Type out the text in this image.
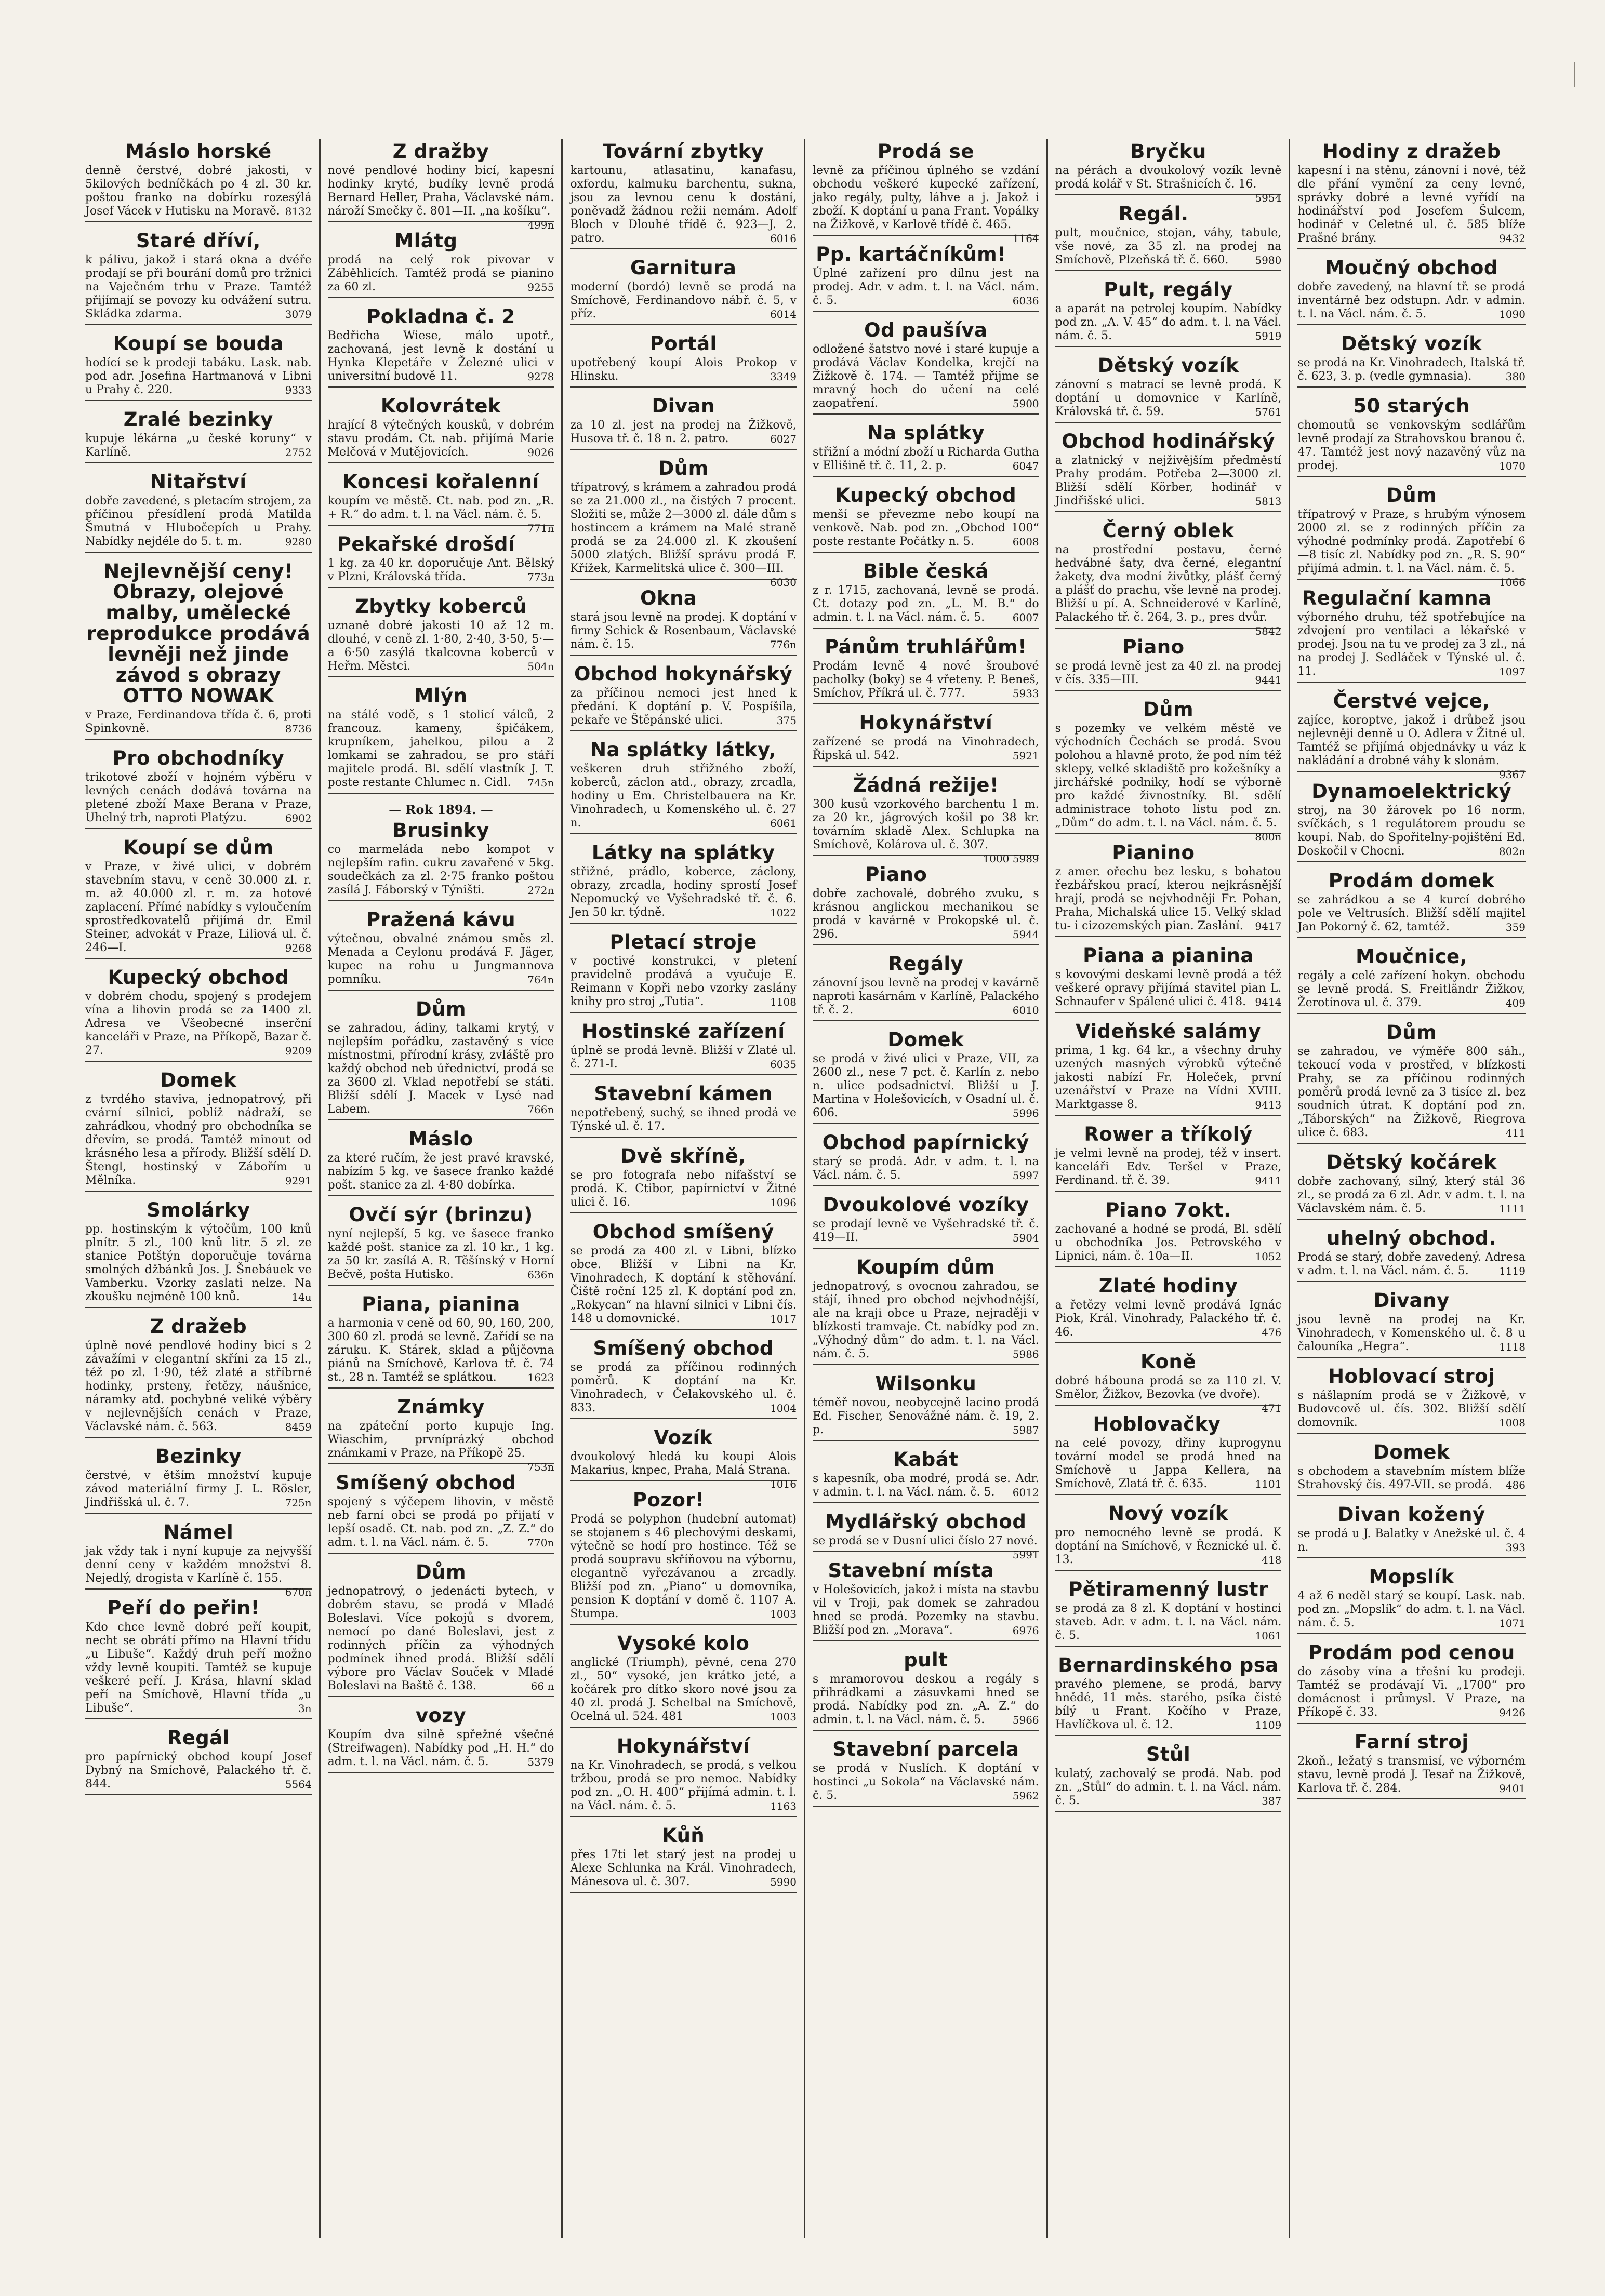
Máslo horské
denně čerstvé, dobré jakosti, v 5kilových bedníčkách po 4 zl. 30 kr. poštou franko na dobírku rozesýlá Josef Vácek v Hutisku na Moravě. 8132
Staré dříví,
k pálivu, jakož i stará okna a dvéře prodají se při bourání domů pro tržnici na Vaječném trhu v Praze. Tamtéž přijímají se povozy ku odvážení sutru. Skládka zdarma.	3079
Koupí se bouda
hodící se k prodeji tabáku. Lask. nab. pod adr. Josefina Hartmanová v Libni u Prahy č. 220.	9333
Zralé bezinky
kupuje lékárna „u české koruny“ v Karlíně.	2752
Nitařství
dobře zavedené, s pletacím strojem, za příčinou přesídlení prodá Matilda Šmutná v Hlubočepích u Prahy. Nabídky nejdéle do 5. t. m.	9280
Nejlevnější ceny! Obrazy, olejové malby, umělecké reprodukce prodává levněji než jinde závod s obrazy OTTO NOWAK
v Praze, Ferdinandova třída č. 6, proti Spinkovně.	8736
Pro obchodníky
trikotové zboží v hojném výběru v levných cenách dodává továrna na pletené zboží Maxe Berana v Praze, Uhelný trh, naproti Platýzu.	6902
Koupí se dům
v Praze, v živé ulici, v dobrém stavebním stavu, v ceně 30.000 zl. r. m. až 40.000 zl. r. m. za hotové zaplacení. Přímé nabídky s vyloučením sprostředkovatelů přijímá dr. Emil Steiner, advokát v Praze, Liliová ul. č. 246—I.	9268
Kupecký obchod
v dobrém chodu, spojený s prodejem vína a lihovin prodá se za 1400 zl. Adresa ve Všeobecné inserční kanceláři v Praze, na Příkopě, Bazar č. 27.	9209
Domek
z tvrdého staviva, jednopatrový, při cvární silnici, poblíž nádraží, se zahrádkou, vhodný pro obchodníka se dřevím, se prodá. Tamtéž minout od krásného lesa a přírody. Bližší sdělí D. Štengl, hostinský v Zábořím u Mělníka.	9291
Smolárky
pp. hostinským k výtočům, 100 knů plnítr. 5 zl., 100 knů litr. 5 zl. ze stanice Potštýn doporučuje továrna smolných džbánků Jos. J. Šnebáuek ve Vamberku. Vzorky zaslati nelze. Na zkoušku nejméně 100 knů.	14u
Z dražeb
úplně nové pendlové hodiny bicí s 2 závažími v elegantní skříni za 15 zl., též po zl. 1·90, též zlaté a stříbrné hodinky, prsteny, řetězy, náušnice, náramky atd. pochybné veliké výběry v nejlevnějších cenách v Praze, Václavské nám. č. 563.	8459
Bezinky
čerstvé, v ětším množství kupuje závod materiální firmy J. L. Rösler, Jindřišská ul. č. 7.	725n
Námel
jak vždy tak i nyní kupuje za nejvyšší denní ceny v každém množství 8. Nejedlý, drogista v Karlíně č. 155.
670n
Peří do peřin!
Kdo chce levně dobré peří koupit, necht se obrátí přímo na Hlavní třídu „u Libuše“. Každý druh peří možno vždy levně koupiti. Tamtéž se kupuje veškeré peří. J. Krása, hlavní sklad peří na Smíchově, Hlavní třída „u Libuše“.	3n
Regál
pro papírnický obchod koupí Josef Dybný na Smíchově, Palackého tř. č. 844.	5564
Z dražby
nové pendlové hodiny bicí, kapesní hodinky kryté, budíky levně prodá Bernard Heller, Praha, Václavské nám. nároží Smečky č. 801—II. „na košíku“.
499n
Mlátg
prodá na celý rok pivovar v Záběhlicích. Tamtéž prodá se pianino za 60 zl.	9255
Pokladna č. 2
Bedřicha Wiese, málo upotř., zachovaná, jest levně k dostání u Hynka Klepetáře v Železné ulici v universitní budově 11.	9278
Kolovrátek
hrající 8 výtečných kousků, v dobrém stavu prodám. Ct. nab. přijímá Marie Melčová v Mutějovicích.	9026
Koncesi kořalenní
koupím ve městě. Ct. nab. pod zn. „R. + R.“ do adm. t. l. na Václ. nám. č. 5.
771n
Pekařské drošdí
1 kg. za 40 kr. doporučuje Ant. Bělský v Plzni, Královská třída.	773n
Zbytky koberců
uznaně dobré jakosti 10 až 12 m. dlouhé, v ceně zl. 1·80, 2·40, 3·50, 5·— a 6·50 zasýlá tkalcovna koberců v Heřm. Městci.	504n
Mlýn
na stálé vodě, s 1 stolicí válců, 2 francouz. kameny, špičákem, krupníkem, jahelkou, pilou a 2 lomkami se zahradou, se pro stáří majitele prodá. Bl. sdělí vlastník J. T. poste restante Chlumec n. Cidl. 745n
— Rok 1894. —
Brusinky
co marmeláda nebo kompot v nejlepším rafin. cukru zavařené v 5kg. soudečkách za zl. 2·75 franko poštou zasílá J. Fáborský v Týništi.	272n
Pražená kávu
výtečnou, obvalné známou směs zl. Menada a Ceylonu prodává F. Jäger, kupec na rohu u Jungmannova pomníku.	764n
Dům
se zahradou, ádiny, talkami krytý, v nejlepším pořádku, zastavěný s více místnostmi, přírodní krásy, zvláště pro každý obchod neb úřednictví, prodá se za 3600 zl. Vklad nepotřebí se státi. Bližší sdělí J. Macek v Lysé nad Labem.	766n
Máslo
za které ručím, že jest pravé kravské, nabízím 5 kg. ve šasece franko každé pošt. stanice za zl. 4·80 dobírka.
Ovčí sýr (brinzu)
nyní nejlepší, 5 kg. ve šasece franko každé pošt. stanice za zl. 10 kr., 1 kg. za 50 kr. zasílá A. R. Těšínský v Horní Bečvě, pošta Hutisko.	636n
Piana, pianina
a harmonia v ceně od 60, 90, 160, 200, 300 60 zl. prodá se levně. Zařídí se na záruku. K. Stárek, sklad a půjčovna piánů na Smíchově, Karlova tř. č. 74 st., 28 n. Tamtéž se splátkou.	1623
Známky
na zpáteční porto kupuje Ing. Wiaschim, prvníprázký obchod známkami v Praze, na Příkopě 25.
753n
Smíšený obchod
spojený s výčepem lihovin, v městě neb farní obci se prodá po přijatí v lepší osadě. Ct. nab. pod zn. „Z. Z.“ do adm. t. l. na Václ. nám. č. 5.	770n
Dům
jednopatrový, o jedenácti bytech, v dobrém stavu, se prodá v Mladé Boleslavi. Více pokojů s dvorem, nemocí po dané Boleslavi, jest z rodinných příčin za výhodných podmínek ihned prodá. Bližší sdělí výbore pro Václav Souček v Mladé Boleslavi na Baště č. 138.	66 n
vozy
Koupím dva silně spřežné všečné (Streifwagen). Nabídky pod „H. H.“ do adm. t. l. na Václ. nám. č. 5.	5379
Tovární zbytky
kartounu, atlasatinu, kanafasu, oxfordu, kalmuku barchentu, sukna, jsou za levnou cenu k dostání, poněvadž žádnou režii nemám. Adolf Bloch v Dlouhé třídě č. 923—J. 2. patro.	6016
Garnitura
moderní (bordó) levně se prodá na Smíchově, Ferdinandovo nábř. č. 5, v příz.	6014
Portál
upotřebený koupí Alois Prokop v Hlinsku.	3349
Divan
za 10 zl. jest na prodej na Žižkově, Husova tř. č. 18 n. 2. patro.	6027
Dům
třípatrový, s krámem a zahradou prodá se za 21.000 zl., na čistých 7 procent. Složiti se, může 2—3000 zl. dále dům s hostincem a krámem na Malé straně prodá se za 24.000 zl. K zkoušení 5000 zlatých. Bližší správu prodá F. Křížek, Karmelitská ulice č. 300—III.
6030
Okna
stará jsou levně na prodej. K doptání v firmy Schick & Rosenbaum, Václavské nám. č. 15.	776n
Obchod hokynářský
za příčinou nemoci jest hned k předání. K doptání p. V. Pospíšila, pekaře ve Štěpánské ulici.	375
Na splátky látky,
veškeren druh střižného zboží, koberců, záclon atd., obrazy, zrcadla, hodiny u Em. Christelbauera na Kr. Vinohradech, u Komenského ul. č. 27 n.	6061
Látky na splátky
střižné, prádlo, koberce, záclony, obrazy, zrcadla, hodiny sprostí Josef Nepomucký ve Vyšehradské tř. č. 6. Jen 50 kr. týdně.	1022
Pletací stroje
v poctivé konstrukci, v pletení pravidelně prodává a vyučuje E. Reimann v Kopři nebo vzorky zaslány knihy pro stroj „Tutia“.	1108
Hostinské zařízení
úplně se prodá levně. Bližší v Zlaté ul. č. 271-I.	6035
Stavební kámen
nepotřebený, suchý, se ihned prodá ve Týnské ul. č. 17.
Dvě skříně,
se pro fotografa nebo nifašství se prodá. K. Ctibor, papírnictví v Žitné ulici č. 16.	1096
Obchod smíšený
se prodá za 400 zl. v Libni, blízko obce. Bližší v Libni na Kr. Vinohradech, K doptání k stěhování. Čiště roční 125 zl. K doptání pod zn. „Rokycan“ na hlavní silnici v Libni čís. 148 u domovnické.	1017
Smíšený obchod
se prodá za příčinou rodinných poměrů. K doptání na Kr. Vinohradech, v Čelakovského ul. č. 833.	1004
Vozík
dvoukolový hledá ku koupi Alois Makarius, knpec, Praha, Malá Strana.
1016
Pozor!
Prodá se polyphon (hudební automat) se stojanem s 46 plechovými deskami, výtečně se hodí pro hostince. Též se prodá soupravu skříňovou na výbornu, elegantně vyřezávanou a zrcadly. Bližší pod zn. „Piano“ u domovníka, pension K doptání v domě č. 1107 A. Stumpa.	1003
Vysoké kolo
anglické (Triumph), pěvné, cena 270 zl., 50“ vysoké, jen krátko jeté, a kočárek pro dítko skoro nové jsou za 40 zl. prodá J. Schelbal na Smíchově, Ocelná ul. 524. 481	1003
Hokynářství
na Kr. Vinohradech, se prodá, s velkou tržbou, prodá se pro nemoc. Nabídky pod zn. „O. H. 400“ přijímá admin. t. l. na Václ. nám. č. 5.	1163
Kůň
přes 17ti let starý jest na prodej u Alexe Schlunka na Král. Vinohradech, Mánesova ul. č. 307.	5990
Prodá se
levně za příčinou úplného se vzdání obchodu veškeré kupecké zařízení, jako regály, pulty, láhve a j. Jakož i zboží. K doptání u pana Frant. Vopálky na Žižkově, v Karlově třídě č. 465.
1164
Pp. kartáčníkům!
Úplné zařízení pro dílnu jest na prodej. Adr. v adm. t. l. na Václ. nám. č. 5.	6036
Od paušíva
odložené šatstvo nové i staré kupuje a prodává Václav Kondelka, krejčí na Žižkově č. 174. — Tamtéž přijme se mravný hoch do učení na celé zaopatření.	5900
Na splátky
střižní a módní zboží u Richarda Gutha v Ellišině tř. č. 11, 2. p.	6047
Kupecký obchod
menší se převezme nebo koupí na venkově. Nab. pod zn. „Obchod 100“ poste restante Počátky n. 5.	6008
Bible česká
z r. 1715, zachovaná, levně se prodá. Ct. dotazy pod zn. „L. M. B.“ do admin. t. l. na Václ. nám. č. 5.	6007
Pánům truhlářům!
Prodám levně 4 nové šroubové pacholky (boky) se 4 vřeteny. P. Beneš, Smíchov, Příkrá ul. č. 777.	5933
Hokynářství
zařízené se prodá na Vinohradech, Řipská ul. 542.	5921
Žádná režije!
300 kusů vzorkového barchentu 1 m. za 20 kr., jágrových košil po 38 kr. továrním skladě Alex. Schlupka na Smíchově, Kolárova ul. č. 307.
1000 5989
Piano
dobře zachovalé, dobrého zvuku, s krásnou anglickou mechanikou se prodá v kavárně v Prokopské ul. č. 296.	5944
Regály
zánovní jsou levně na prodej v kavárně naproti kasárnám v Karlíně, Palackého tř. č. 2.	6010
Domek
se prodá v živé ulici v Praze, VII, za 2600 zl., nese 7 pct. č. Karlín z. nebo n. ulice podsadnictví. Bližší u J. Martina v Holešovicích, v Osadní ul. č. 606.	5996
Obchod papírnický
starý se prodá. Adr. v adm. t. l. na Václ. nám. č. 5.	5997
Dvoukolové vozíky
se prodají levně ve Vyšehradské tř. č. 419—II.	5904
Koupím dům
jednopatrový, s ovocnou zahradou, se stájí, ihned pro obchod nejvhodnější, ale na kraji obce u Praze, nejraději v blízkosti tramvaje. Ct. nabídky pod zn. „Výhodný dům“ do adm. t. l. na Václ. nám. č. 5.	5986
Wilsonku
téměř novou, neobycejně lacino prodá Ed. Fischer, Senovážné nám. č. 19, 2. p.	5987
Kabát
s kapesník, oba modré, prodá se. Adr. v admin. t. l. na Václ. nám. č. 5. 6012
Mydlářský obchod
se prodá se v Dusní ulici číslo 27 nové.
5991
Stavební místa
v Holešovicích, jakož i místa na stavbu vil v Troji, pak domek se zahradou hned se prodá. Pozemky na stavbu. Bližší pod zn. „Morava“.	6976
pult
s mramorovou deskou a regály s přihrádkami a zásuvkami hned se prodá. Nabídky pod zn. „A. Z.“ do admin. t. l. na Václ. nám. č. 5.	5966
Stavební parcela
se prodá v Nuslích. K doptání v hostinci „u Sokola“ na Václavské nám. č. 5.	5962
Bryčku
na pérách a dvoukolový vozík levně prodá kolář v St. Strašnicích č. 16.
5954
Regál.
pult, moučnice, stojan, váhy, tabule, vše nové, za 35 zl. na prodej na Smíchově, Plzeňská tř. č. 660.	5980
Pult, regály
a aparát na petrolej koupím. Nabídky pod zn. „A. V. 45“ do adm. t. l. na Václ. nám. č. 5.	5919
Dětský vozík
zánovní s matrací se levně prodá. K doptání u domovnice v Karlíně, Královská tř. č. 59.	5761
Obchod hodinářský
a zlatnický v nejživějším předměstí Prahy prodám. Potřeba 2—3000 zl. Bližší sdělí Körber, hodinář v Jindřišské ulici.	5813
Černý oblek
na prostřední postavu, černé hedvábné šaty, dva černé, elegantní žakety, dva modní živůtky, plášť černý a plášť do prachu, vše levně na prodej. Bližší u pí. A. Schneiderové v Karlíně, Palackého tř. č. 264, 3. p., pres dvůr.
5842
Piano
se prodá levně jest za 40 zl. na prodej v čís. 335—III.	9441
Dům
s pozemky ve velkém městě ve východních Čechách se prodá. Svou polohou a hlavně proto, že pod ním též sklepy, velké skladiště pro kožešníky a jirchářské podniky, hodí se výborně pro každé živnostníky. Bl. sdělí administrace tohoto listu pod zn. „Dům“ do adm. t. l. na Václ. nám. č. 5.
800n
Pianino
z amer. ořechu bez lesku, s bohatou řezbářskou prací, kterou nejkrásnější hrají, prodá se nejvhodněji Fr. Pohan, Praha, Michalská ulice 15. Velký sklad tu- i cizozemských pian. Zaslání. 9417
Piana a pianina
s kovovými deskami levně prodá a též veškeré opravy přijímá stavitel pian L. Schnaufer v Spálené ulici č. 418. 9414
Videňské salámy
prima, 1 kg. 64 kr., a všechny druhy uzených masných výrobků výtečné jakosti nabízí Fr. Holeček, první uzenářství v Praze na Vídni XVIII. Marktgasse 8.	9413
Rower a tříkolý
je velmi levně na prodej, též v insert. kanceláři Edv. Teršel v Praze, Ferdinand. tř. č. 39.	9411
Piano 7okt.
zachované a hodné se prodá, Bl. sdělí u obchodníka Jos. Petrovského v Lipnici, nám. č. 10a—II.	1052
Zlaté hodiny
a řetězy velmi levně prodává Ignác Piok, Král. Vinohrady, Palackého tř. č. 46.	476
Koně
dobré hábouna prodá se za 110 zl. V. Smělor, Žižkov, Bezovka (ve dvoře).
471
Hoblovačky
na celé povozy, dřiny kuprogynu tovární model se prodá hned na Smíchově u Jappa Kellera, na Smíchově, Zlatá tř. č. 635.	1101
Nový vozík
pro nemocného levně se prodá. K doptání na Smíchově, v Řeznické ul. č. 13.	418
Pětiramenný lustr
se prodá za 8 zl. K doptání v hostinci staveb. Adr. v adm. t. l. na Václ. nám. č. 5.	1061
Bernardinského psa
pravého plemene, se prodá, barvy hnědé, 11 měs. starého, psíka čisté bílý u Frant. Kočího v Praze, Havlíčkova ul. č. 12.	1109
Stůl
kulatý, zachovalý se prodá. Nab. pod zn. „Stůl“ do admin. t. l. na Václ. nám. č. 5.	387
Hodiny z dražeb
kapesní i na stěnu, zánovní i nové, též dle přání vymění za ceny levné, správky dobré a levné vyřídí na hodinářství pod Josefem Šulcem, hodinář v Celetné ul. č. 585 blíže Prašné brány.	9432
Moučný obchod
dobře zavedený, na hlavní tř. se prodá inventárně bez odstupn. Adr. v admin. t. l. na Václ. nám. č. 5.	1090
Dětský vozík
se prodá na Kr. Vinohradech, Italská tř. č. 623, 3. p. (vedle gymnasia).	380
50 starých
chomoutů se venkovským sedlářům levně prodají za Strahovskou branou č. 47. Tamtéž jest nový nazavěný vůz na prodej.	1070
Dům
třípatrový v Praze, s hrubým výnosem 2000 zl. se z rodinných příčin za výhodné podmínky prodá. Zapotřebí 6—8 tisíc zl. Nabídky pod zn. „R. S. 90“ přijímá admin. t. l. na Václ. nám. č. 5.
1066
Regulační kamna
výborného druhu, též spotřebujíce na zdvojení pro ventilaci a lékařské v prodej. Jsou na tu ve prodej za 3 zl., ná na prodej J. Sedláček v Týnské ul. č. 11.	1097
Čerstvé vejce,
zajíce, koroptve, jakož i drůbež jsou nejlevněji denně u O. Adlera v Žitné ul. Tamtéž se přijímá objednávky u váz k nakládání a drobné váhy k slonám.
9367
Dynamoelektrický
stroj, na 30 žárovek po 16 norm. svíčkách, s 1 regulátorem proudu se koupí. Nab. do Spořitelny-pojištění Ed. Doskočil v Chocni.	802n
Prodám domek
se zahrádkou a se 4 kurcí dobrého pole ve Veltrusích. Bližší sdělí majitel Jan Pokorný č. 62, tamtéž.	359
Moučnice,
regály a celé zařízení hokyn. obchodu se levně prodá. S. Freitländr Žižkov, Žerotínova ul. č. 379.	409
Dům
se zahradou, ve výměře 800 sáh., tekoucí voda v prostřed, v blízkosti Prahy, se za příčinou rodinných poměrů prodá levně za 3 tisíce zl. bez soudních útrat. K doptání pod zn. „Táborských“ na Žižkově, Riegrova ulice č. 683.	411
Dětský kočárek
dobře zachovaný, silný, který stál 36 zl., se prodá za 6 zl. Adr. v adm. t. l. na Václavském nám. č. 5.	1111
uhelný obchod.
Prodá se starý, dobře zavedený. Adresa v adm. t. l. na Václ. nám. č. 5.	1119
Divany
jsou levně na prodej na Kr. Vinohradech, v Komenského ul. č. 8 u čalouníka „Hegra“.	1118
Hoblovací stroj
s nášlapním prodá se v Žižkově, v Budovcově ul. čís. 302. Bližší sdělí domovník.	1008
Domek
s obchodem a stavebním místem blíže Strahovský čís. 497-VII. se prodá. 486
Divan kožený
se prodá u J. Balatky v Anežské ul. č. 4 n.	393
Mopslík
4 až 6 neděl starý se koupí. Lask. nab. pod zn. „Mopslík“ do adm. t. l. na Václ. nám. č. 5.	1071
Prodám pod cenou
do zásoby vína a třešní ku prodeji. Tamtéž se prodávají Vi. „1700“ pro domácnost i průmysl. V Praze, na Příkopě č. 33.	9426
Farní stroj
2koň., ležatý s transmisí, ve výborném stavu, levně prodá J. Tesař na Žižkově, Karlova tř. č. 284.	9401
